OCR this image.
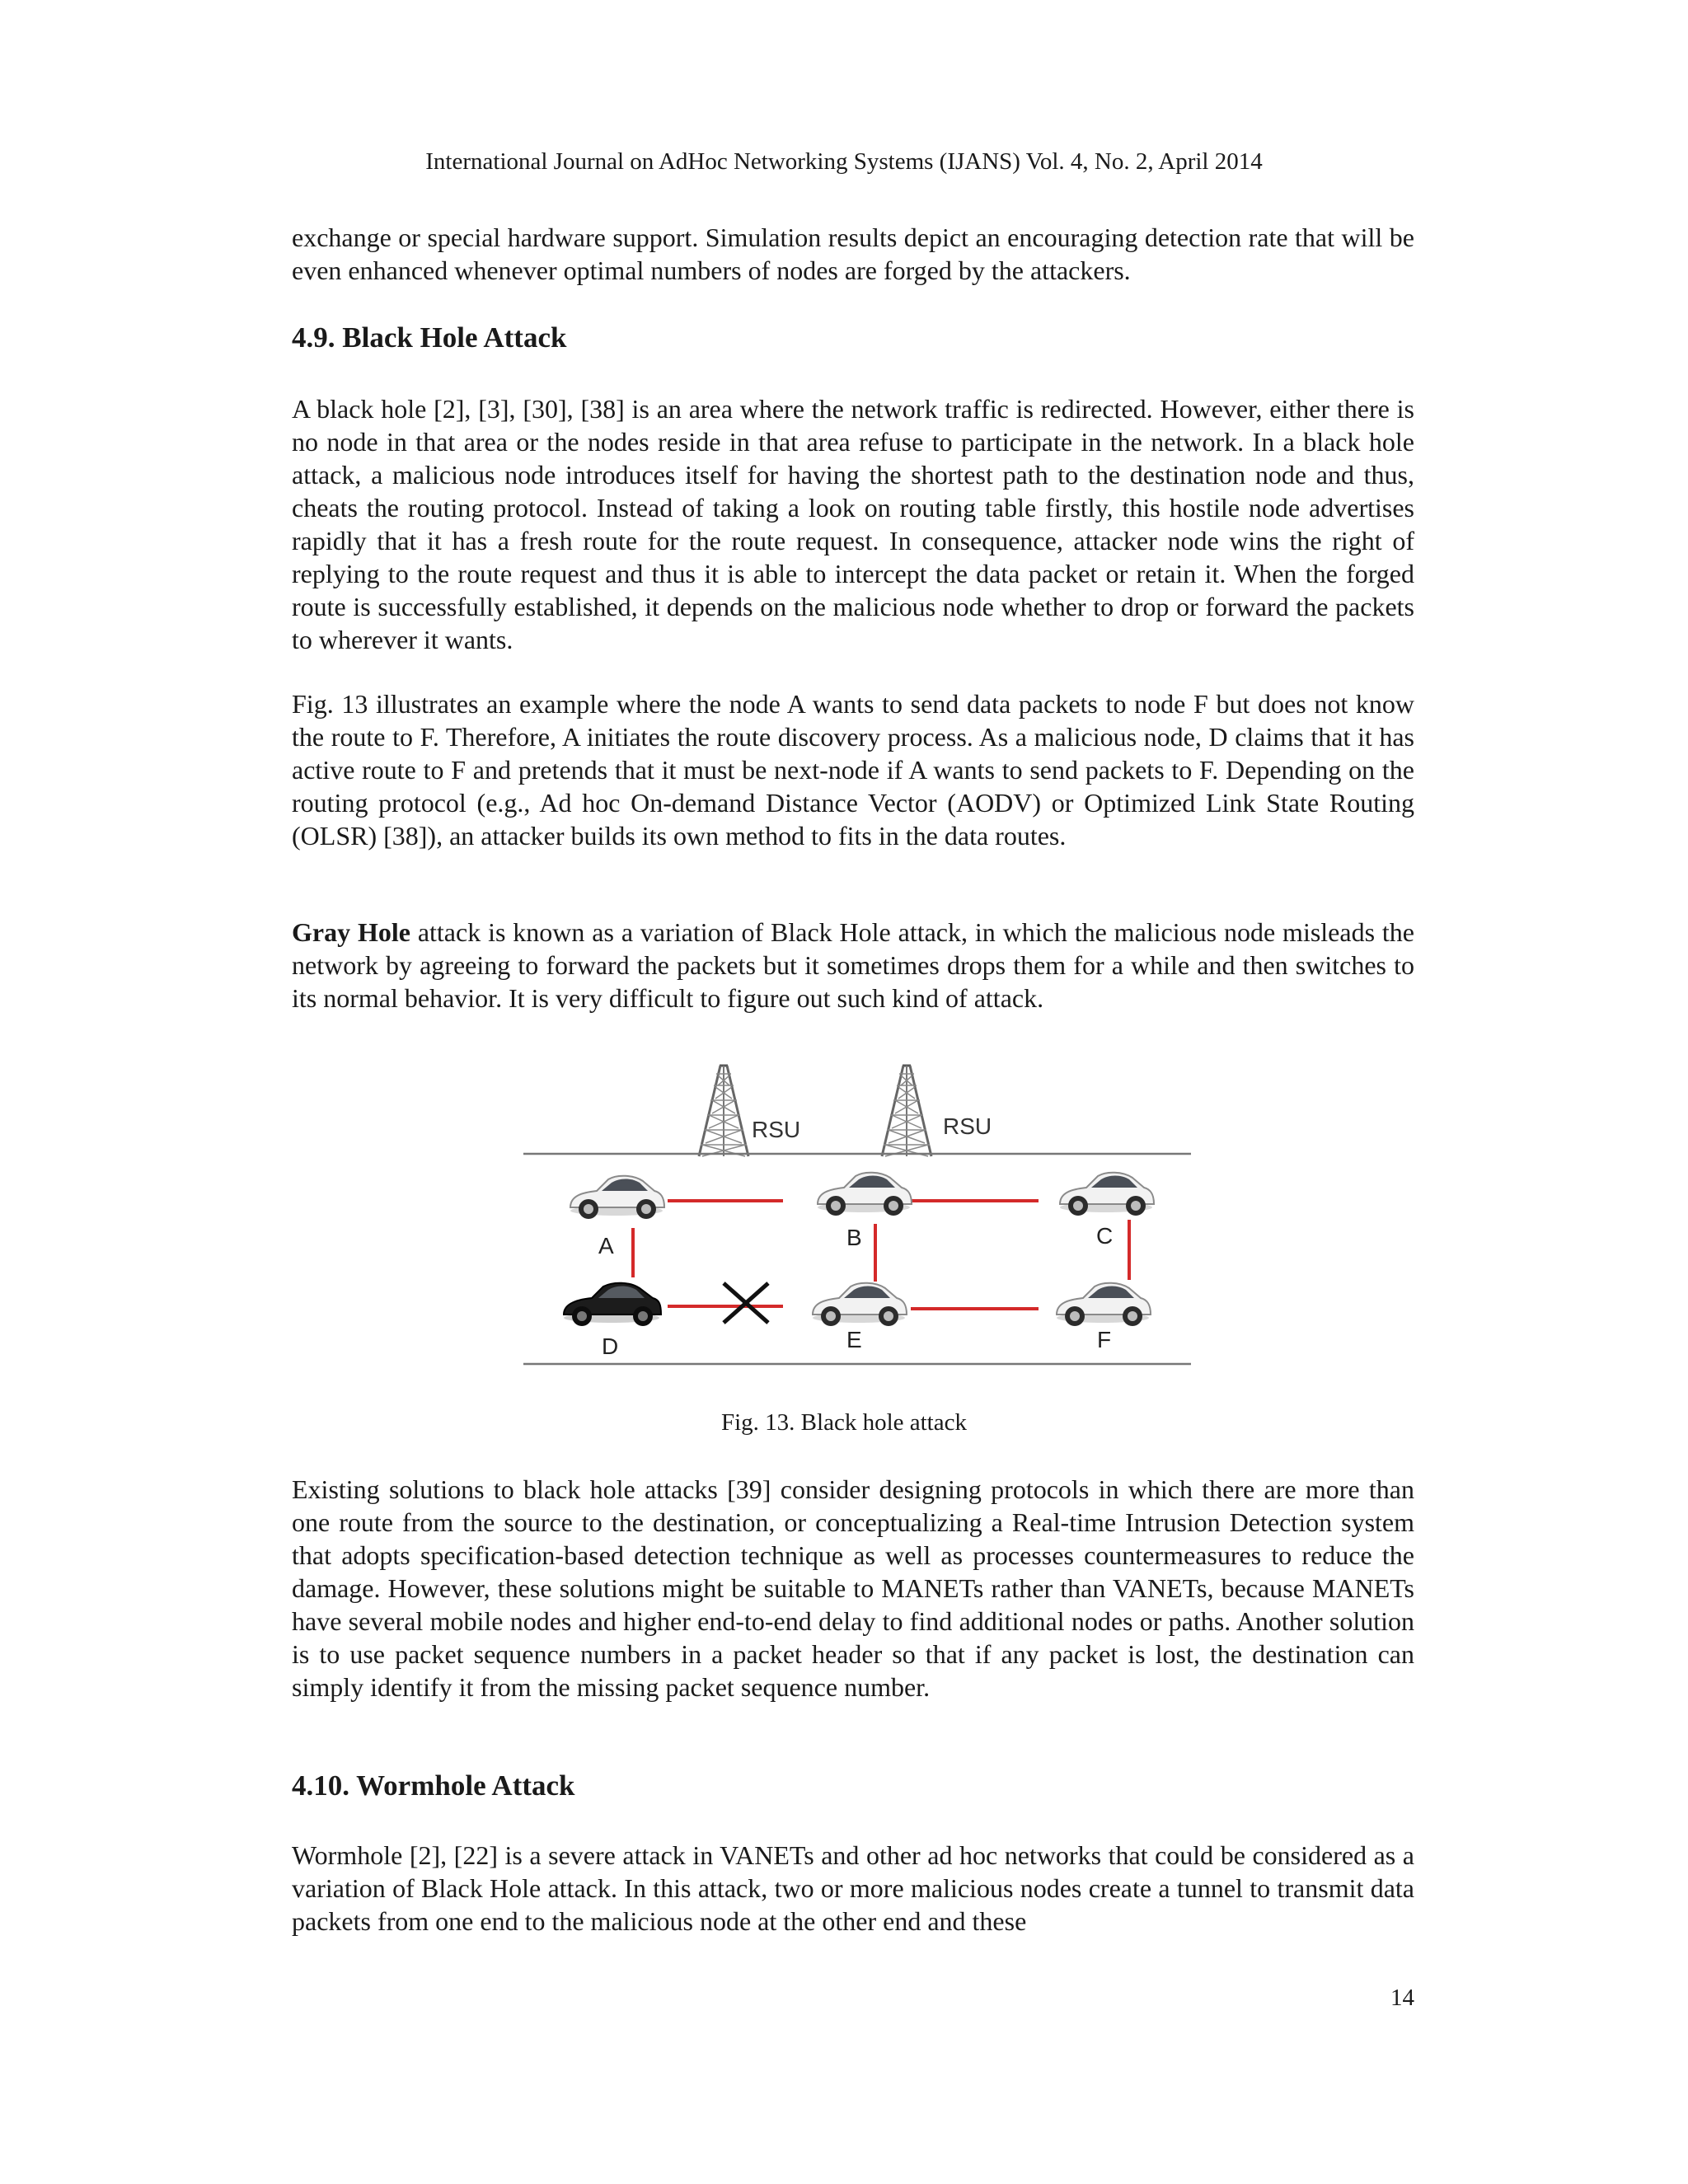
International Journal on AdHoc Networking Systems (IJANS) Vol. 4, No. 2, April 2014

exchange or special hardware support. Simulation results depict an encouraging detection rate that will be even enhanced whenever optimal numbers of nodes are forged by the attackers.

4.9. Black Hole Attack

A black hole [2], [3], [30], [38] is an area where the network traffic is redirected. However, either there is no node in that area or the nodes reside in that area refuse to participate in the network. In a black hole attack, a malicious node introduces itself for having the shortest path to the destination node and thus, cheats the routing protocol. Instead of taking a look on routing table firstly, this hostile node advertises rapidly that it has a fresh route for the route request. In consequence, attacker node wins the right of replying to the route request and thus it is able to intercept the data packet or retain it. When the forged route is successfully established, it depends on the malicious node whether to drop or forward the packets to wherever it wants.

Fig. 13 illustrates an example where the node A wants to send data packets to node F but does not know the route to F. Therefore, A initiates the route discovery process. As a malicious node, D claims that it has active route to F and pretends that it must be next-node if A wants to send packets to F. Depending on the routing protocol (e.g., Ad hoc On-demand Distance Vector (AODV) or Optimized Link State Routing (OLSR) [38]), an attacker builds its own method to fits in the data routes.

Gray Hole attack is known as a variation of Black Hole attack, in which the malicious node misleads the network by agreeing to forward the packets but it sometimes drops them for a while and then switches to its normal behavior. It is very difficult to figure out such kind of attack.

RSU	RSU
A	B	C
D	E	F
Fig. 13. Black hole attack

Existing solutions to black hole attacks [39] consider designing protocols in which there are more than one route from the source to the destination, or conceptualizing a Real-time Intrusion Detection system that adopts specification-based detection technique as well as processes countermeasures to reduce the damage. However, these solutions might be suitable to MANETs rather than VANETs, because MANETs have several mobile nodes and higher end-to-end delay to find additional nodes or paths. Another solution is to use packet sequence numbers in a packet header so that if any packet is lost, the destination can simply identify it from the missing packet sequence number.

4.10. Wormhole Attack

Wormhole [2], [22] is a severe attack in VANETs and other ad hoc networks that could be considered as a variation of Black Hole attack. In this attack, two or more malicious nodes create a tunnel to transmit data packets from one end to the malicious node at the other end and these

14
